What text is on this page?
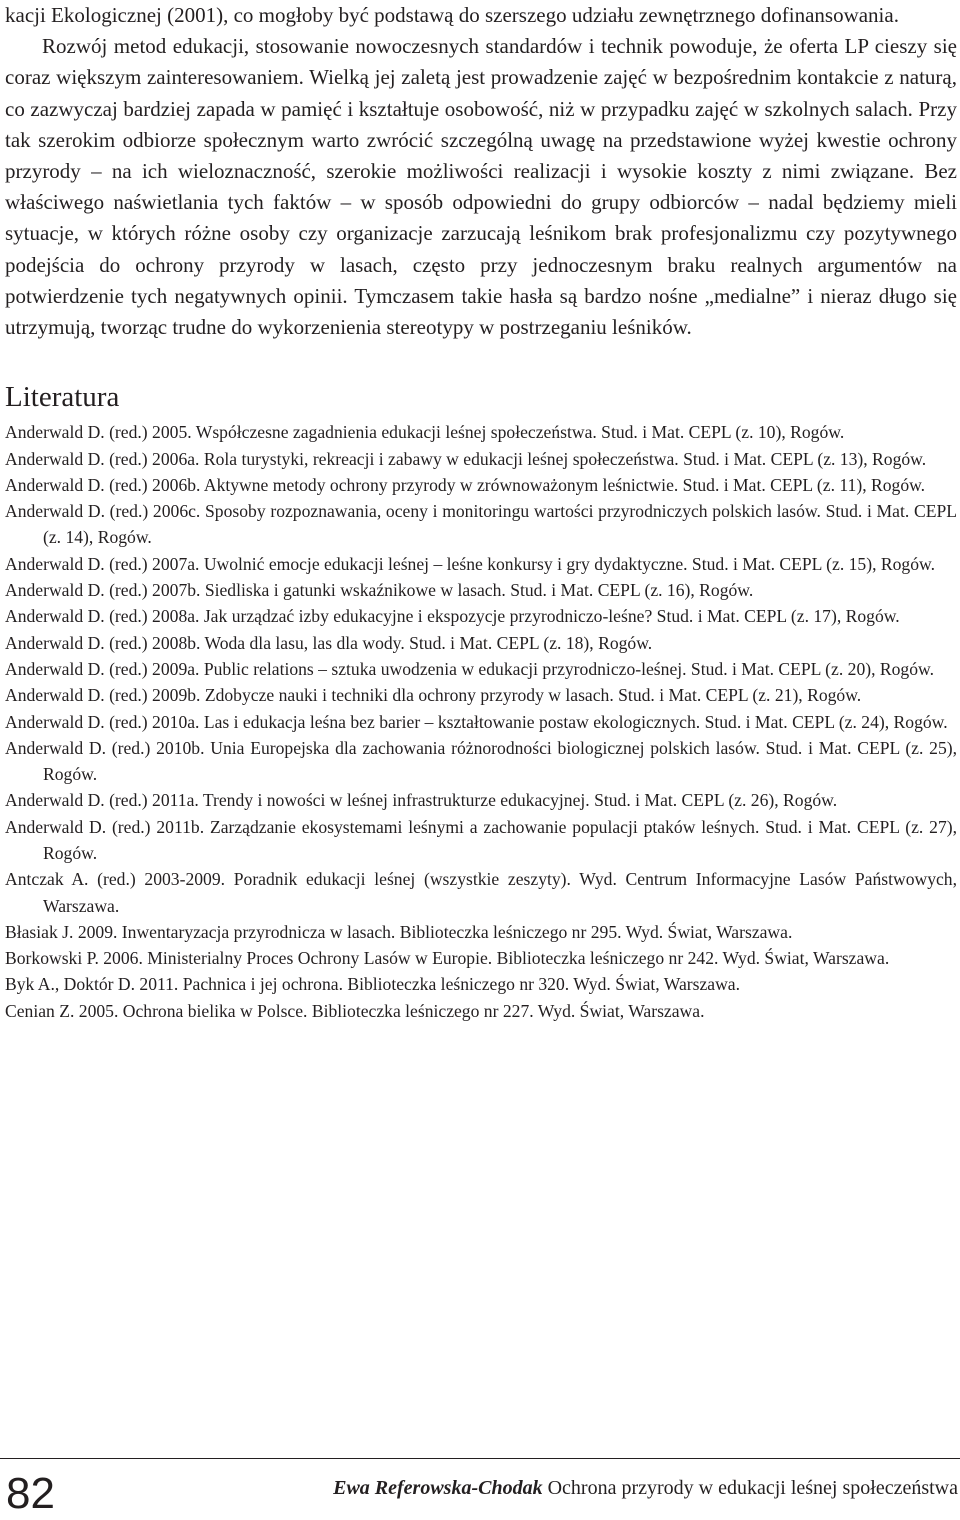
kacji Ekologicznej (2001), co mogłoby być podstawą do szerszego udziału zewnętrznego dofinansowania.

Rozwój metod edukacji, stosowanie nowoczesnych standardów i technik powoduje, że oferta LP cieszy się coraz większym zainteresowaniem. Wielką jej zaletą jest prowadzenie zajęć w bezpośrednim kontakcie z naturą, co zazwyczaj bardziej zapada w pamięć i kształtuje osobowość, niż w przypadku zajęć w szkolnych salach. Przy tak szerokim odbiorze społecznym warto zwrócić szczególną uwagę na przedstawione wyżej kwestie ochrony przyrody – na ich wieloznaczność, szerokie możliwości realizacji i wysokie koszty z nimi związane. Bez właściwego naświetlania tych faktów – w sposób odpowiedni do grupy odbiorców – nadal będziemy mieli sytuacje, w których różne osoby czy organizacje zarzucają leśnikom brak profesjonalizmu czy pozytywnego podejścia do ochrony przyrody w lasach, często przy jednoczesnym braku realnych argumentów na potwierdzenie tych negatywnych opinii. Tymczasem takie hasła są bardzo nośne „medialne” i nieraz długo się utrzymują, tworząc trudne do wykorzenienia stereotypy w postrzeganiu leśników.

Literatura
Anderwald D. (red.) 2005. Współczesne zagadnienia edukacji leśnej społeczeństwa. Stud. i Mat. CEPL (z. 10), Rogów.
Anderwald D. (red.) 2006a. Rola turystyki, rekreacji i zabawy w edukacji leśnej społeczeństwa. Stud. i Mat. CEPL (z. 13), Rogów.
Anderwald D. (red.) 2006b. Aktywne metody ochrony przyrody w zrównoważonym leśnictwie. Stud. i Mat. CEPL (z. 11), Rogów.
Anderwald D. (red.) 2006c. Sposoby rozpoznawania, oceny i monitoringu wartości przyrodniczych polskich lasów. Stud. i Mat. CEPL (z. 14), Rogów.
Anderwald D. (red.) 2007a. Uwolnić emocje edukacji leśnej – leśne konkursy i gry dydaktyczne. Stud. i Mat. CEPL (z. 15), Rogów.
Anderwald D. (red.) 2007b. Siedliska i gatunki wskaźnikowe w lasach. Stud. i Mat. CEPL (z. 16), Rogów.
Anderwald D. (red.) 2008a. Jak urządzać izby edukacyjne i ekspozycje przyrodniczo-leśne? Stud. i Mat. CEPL (z. 17), Rogów.
Anderwald D. (red.) 2008b. Woda dla lasu, las dla wody. Stud. i Mat. CEPL (z. 18), Rogów.
Anderwald D. (red.) 2009a. Public relations – sztuka uwodzenia w edukacji przyrodniczo-leśnej. Stud. i Mat. CEPL (z. 20), Rogów.
Anderwald D. (red.) 2009b. Zdobycze nauki i techniki dla ochrony przyrody w lasach. Stud. i Mat. CEPL (z. 21), Rogów.
Anderwald D. (red.) 2010a. Las i edukacja leśna bez barier – kształtowanie postaw ekologicznych. Stud. i Mat. CEPL (z. 24), Rogów.
Anderwald D. (red.) 2010b. Unia Europejska dla zachowania różnorodności biologicznej polskich lasów. Stud. i Mat. CEPL (z. 25), Rogów.
Anderwald D. (red.) 2011a. Trendy i nowości w leśnej infrastrukturze edukacyjnej. Stud. i Mat. CEPL (z. 26), Rogów.
Anderwald D. (red.) 2011b. Zarządzanie ekosystemami leśnymi a zachowanie populacji ptaków leśnych. Stud. i Mat. CEPL (z. 27), Rogów.
Antczak A. (red.) 2003-2009. Poradnik edukacji leśnej (wszystkie zeszyty). Wyd. Centrum Informacyjne Lasów Państwowych, Warszawa.
Błasiak J. 2009. Inwentaryzacja przyrodnicza w lasach. Biblioteczka leśniczego nr 295. Wyd. Świat, Warszawa.
Borkowski P. 2006. Ministerialny Proces Ochrony Lasów w Europie. Biblioteczka leśniczego nr 242. Wyd. Świat, Warszawa.
Byk A., Doktór D. 2011. Pachnica i jej ochrona. Biblioteczka leśniczego nr 320. Wyd. Świat, Warszawa.
Cenian Z. 2005. Ochrona bielika w Polsce. Biblioteczka leśniczego nr 227. Wyd. Świat, Warszawa.
82	Ewa Referowska-Chodak Ochrona przyrody w edukacji leśnej społeczeństwa
